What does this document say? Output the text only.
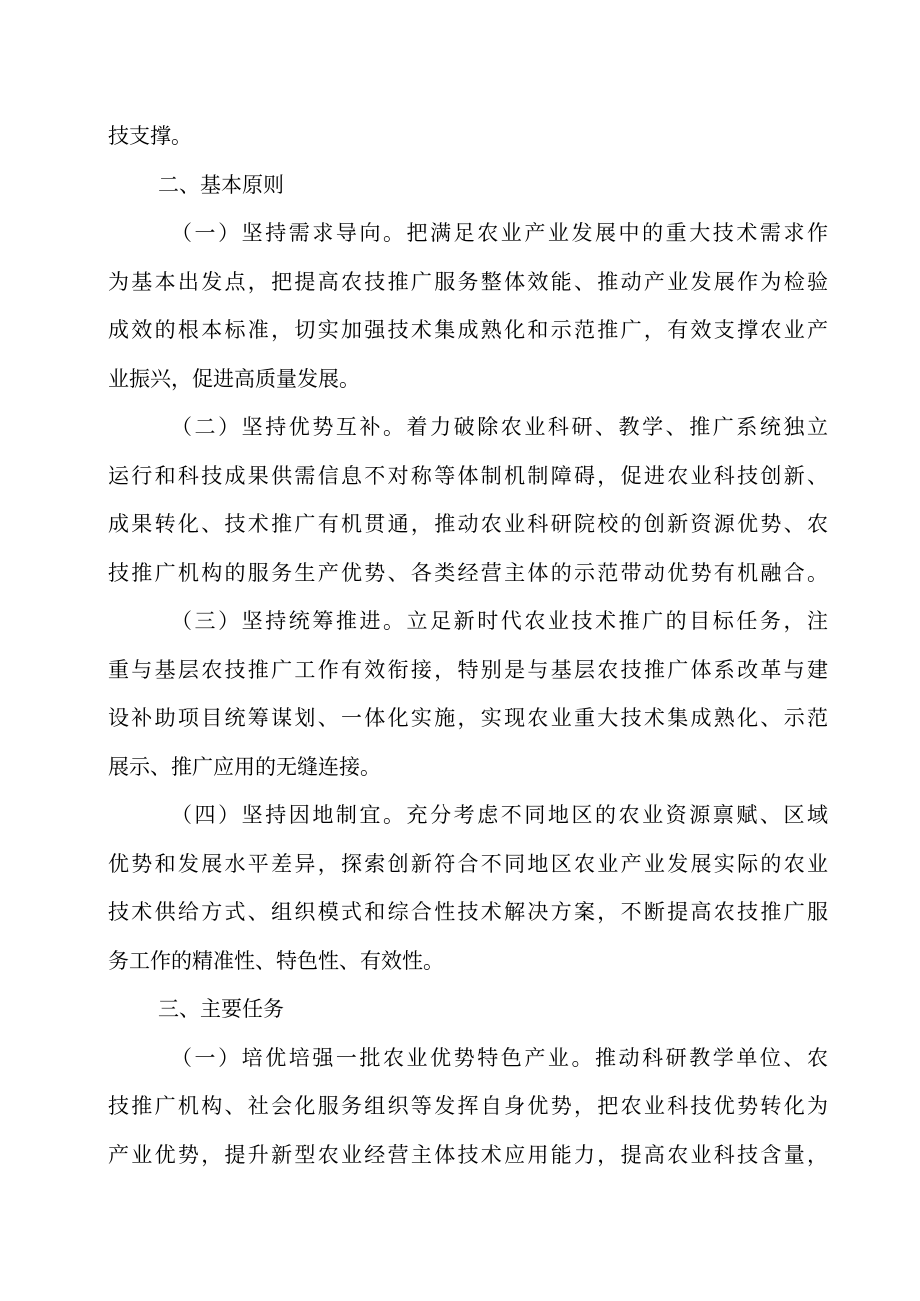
技支撑。
二、基本原则
（一）坚持需求导向。把满足农业产业发展中的重大技术需求作
为基本出发点，把提高农技推广服务整体效能、推动产业发展作为检验
成效的根本标准，切实加强技术集成熟化和示范推广，有效支撑农业产
业振兴，促进高质量发展。
（二）坚持优势互补。着力破除农业科研、教学、推广系统独立
运行和科技成果供需信息不对称等体制机制障碍，促进农业科技创新、
成果转化、技术推广有机贯通，推动农业科研院校的创新资源优势、农
技推广机构的服务生产优势、各类经营主体的示范带动优势有机融合。
（三）坚持统筹推进。立足新时代农业技术推广的目标任务，注
重与基层农技推广工作有效衔接，特别是与基层农技推广体系改革与建
设补助项目统筹谋划、一体化实施，实现农业重大技术集成熟化、示范
展示、推广应用的无缝连接。
（四）坚持因地制宜。充分考虑不同地区的农业资源禀赋、区域
优势和发展水平差异，探索创新符合不同地区农业产业发展实际的农业
技术供给方式、组织模式和综合性技术解决方案，不断提高农技推广服
务工作的精准性、特色性、有效性。
三、主要任务
（一）培优培强一批农业优势特色产业。推动科研教学单位、农
技推广机构、社会化服务组织等发挥自身优势，把农业科技优势转化为
产业优势，提升新型农业经营主体技术应用能力，提高农业科技含量，
